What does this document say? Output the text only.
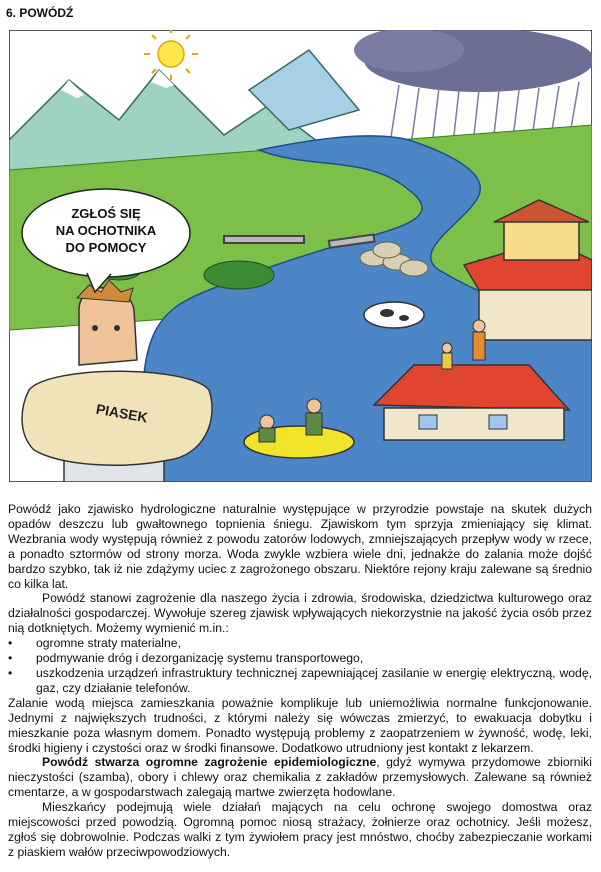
6. POWÓDŹ
PIASEK
ZGŁOŚ SIĘ
NA OCHOTNIKA
DO POMOCY

Powódź jako zjawisko hydrologiczne naturalnie występujące w przyrodzie powstaje na skutek dużych opadów deszczu lub gwałtownego topnienia śniegu. Zjawiskom tym sprzyja zmieniający się klimat. Wezbrania wody występują również z powodu zatorów lodowych, zmniejszających przepływ wody w rzece, a ponadto sztormów od strony morza. Woda zwykle wzbiera wiele dni, jednakże do zalania może dojść bardzo szybko, tak iż nie zdążymy uciec z zagrożonego obszaru. Niektóre rejony kraju zalewane są średnio co kilka lat.

Powódź stanowi zagrożenie dla naszego życia i zdrowia, środowiska, dziedzictwa kulturowego oraz działalności gospodarczej. Wywołuje szereg zjawisk wpływających niekorzystnie na jakość życia osób przez nią dotkniętych. Możemy wymienić m.in.:

• ogromne straty materialne,
• podmywanie dróg i dezorganizację systemu transportowego,
• uszkodzenia urządzeń infrastruktury technicznej zapewniającej zasilanie w energię elektryczną, wodę, gaz, czy działanie telefonów.

Zalanie wodą miejsca zamieszkania poważnie komplikuje lub uniemożliwia normalne funkcjonowanie. Jednymi z największych trudności, z którymi należy się wówczas zmierzyć, to ewakuacja dobytku i mieszkanie poza własnym domem. Ponadto występują problemy z zaopatrzeniem w żywność, wodę, leki, środki higieny i czystości oraz w środki finansowe. Dodatkowo utrudniony jest kontakt z lekarzem.

Powódź stwarza ogromne zagrożenie epidemiologiczne, gdyż wymywa przydomowe zbiorniki nieczystości (szamba), obory i chlewy oraz chemikalia z zakładów przemysłowych. Zalewane są również cmentarze, a w gospodarstwach zalegają martwe zwierzęta hodowlane.

Mieszkańcy podejmują wiele działań mających na celu ochronę swojego domostwa oraz miejscowości przed powodzią. Ogromną pomoc niosą strażacy, żołnierze oraz ochotnicy. Jeśli możesz, zgłoś się dobrowolnie. Podczas walki z tym żywiołem pracy jest mnóstwo, choćby zabezpieczanie workami z piaskiem wałów przeciwpowodziowych.
